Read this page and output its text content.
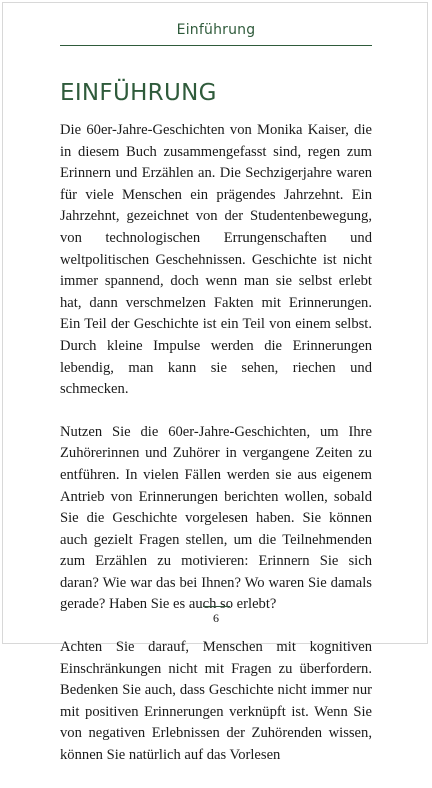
Einführung
EINFÜHRUNG

Die 60er-Jahre-Geschichten von Monika Kaiser, die in diesem Buch zusammengefasst sind, regen zum Erinnern und Erzählen an. Die Sechzigerjahre waren für viele Menschen ein prägendes Jahrzehnt. Ein Jahrzehnt, gezeichnet von der Studentenbewegung, von technologischen Errungenschaften und weltpolitischen Geschehnissen. Geschichte ist nicht immer spannend, doch wenn man sie selbst erlebt hat, dann verschmelzen Fakten mit Erinnerungen. Ein Teil der Geschichte ist ein Teil von einem selbst. Durch kleine Impulse werden die Erinnerungen lebendig, man kann sie sehen, riechen und schmecken.

Nutzen Sie die 60er-Jahre-Geschichten, um Ihre Zuhörerinnen und Zuhörer in vergangene Zeiten zu entführen. In vielen Fällen werden sie aus eigenem Antrieb von Erinnerungen berichten wollen, sobald Sie die Geschichte vorgelesen haben. Sie können auch gezielt Fragen stellen, um die Teilnehmenden zum Erzählen zu motivieren: Erinnern Sie sich daran? Wie war das bei Ihnen? Wo waren Sie damals gerade? Haben Sie es auch so erlebt?

Achten Sie darauf, Menschen mit kognitiven Einschränkungen nicht mit Fragen zu überfordern. Bedenken Sie auch, dass Geschichte nicht immer nur mit positiven Erinnerungen verknüpft ist. Wenn Sie von negativen Erlebnissen der Zuhörenden wissen, können Sie natürlich auf das Vorlesen

6
